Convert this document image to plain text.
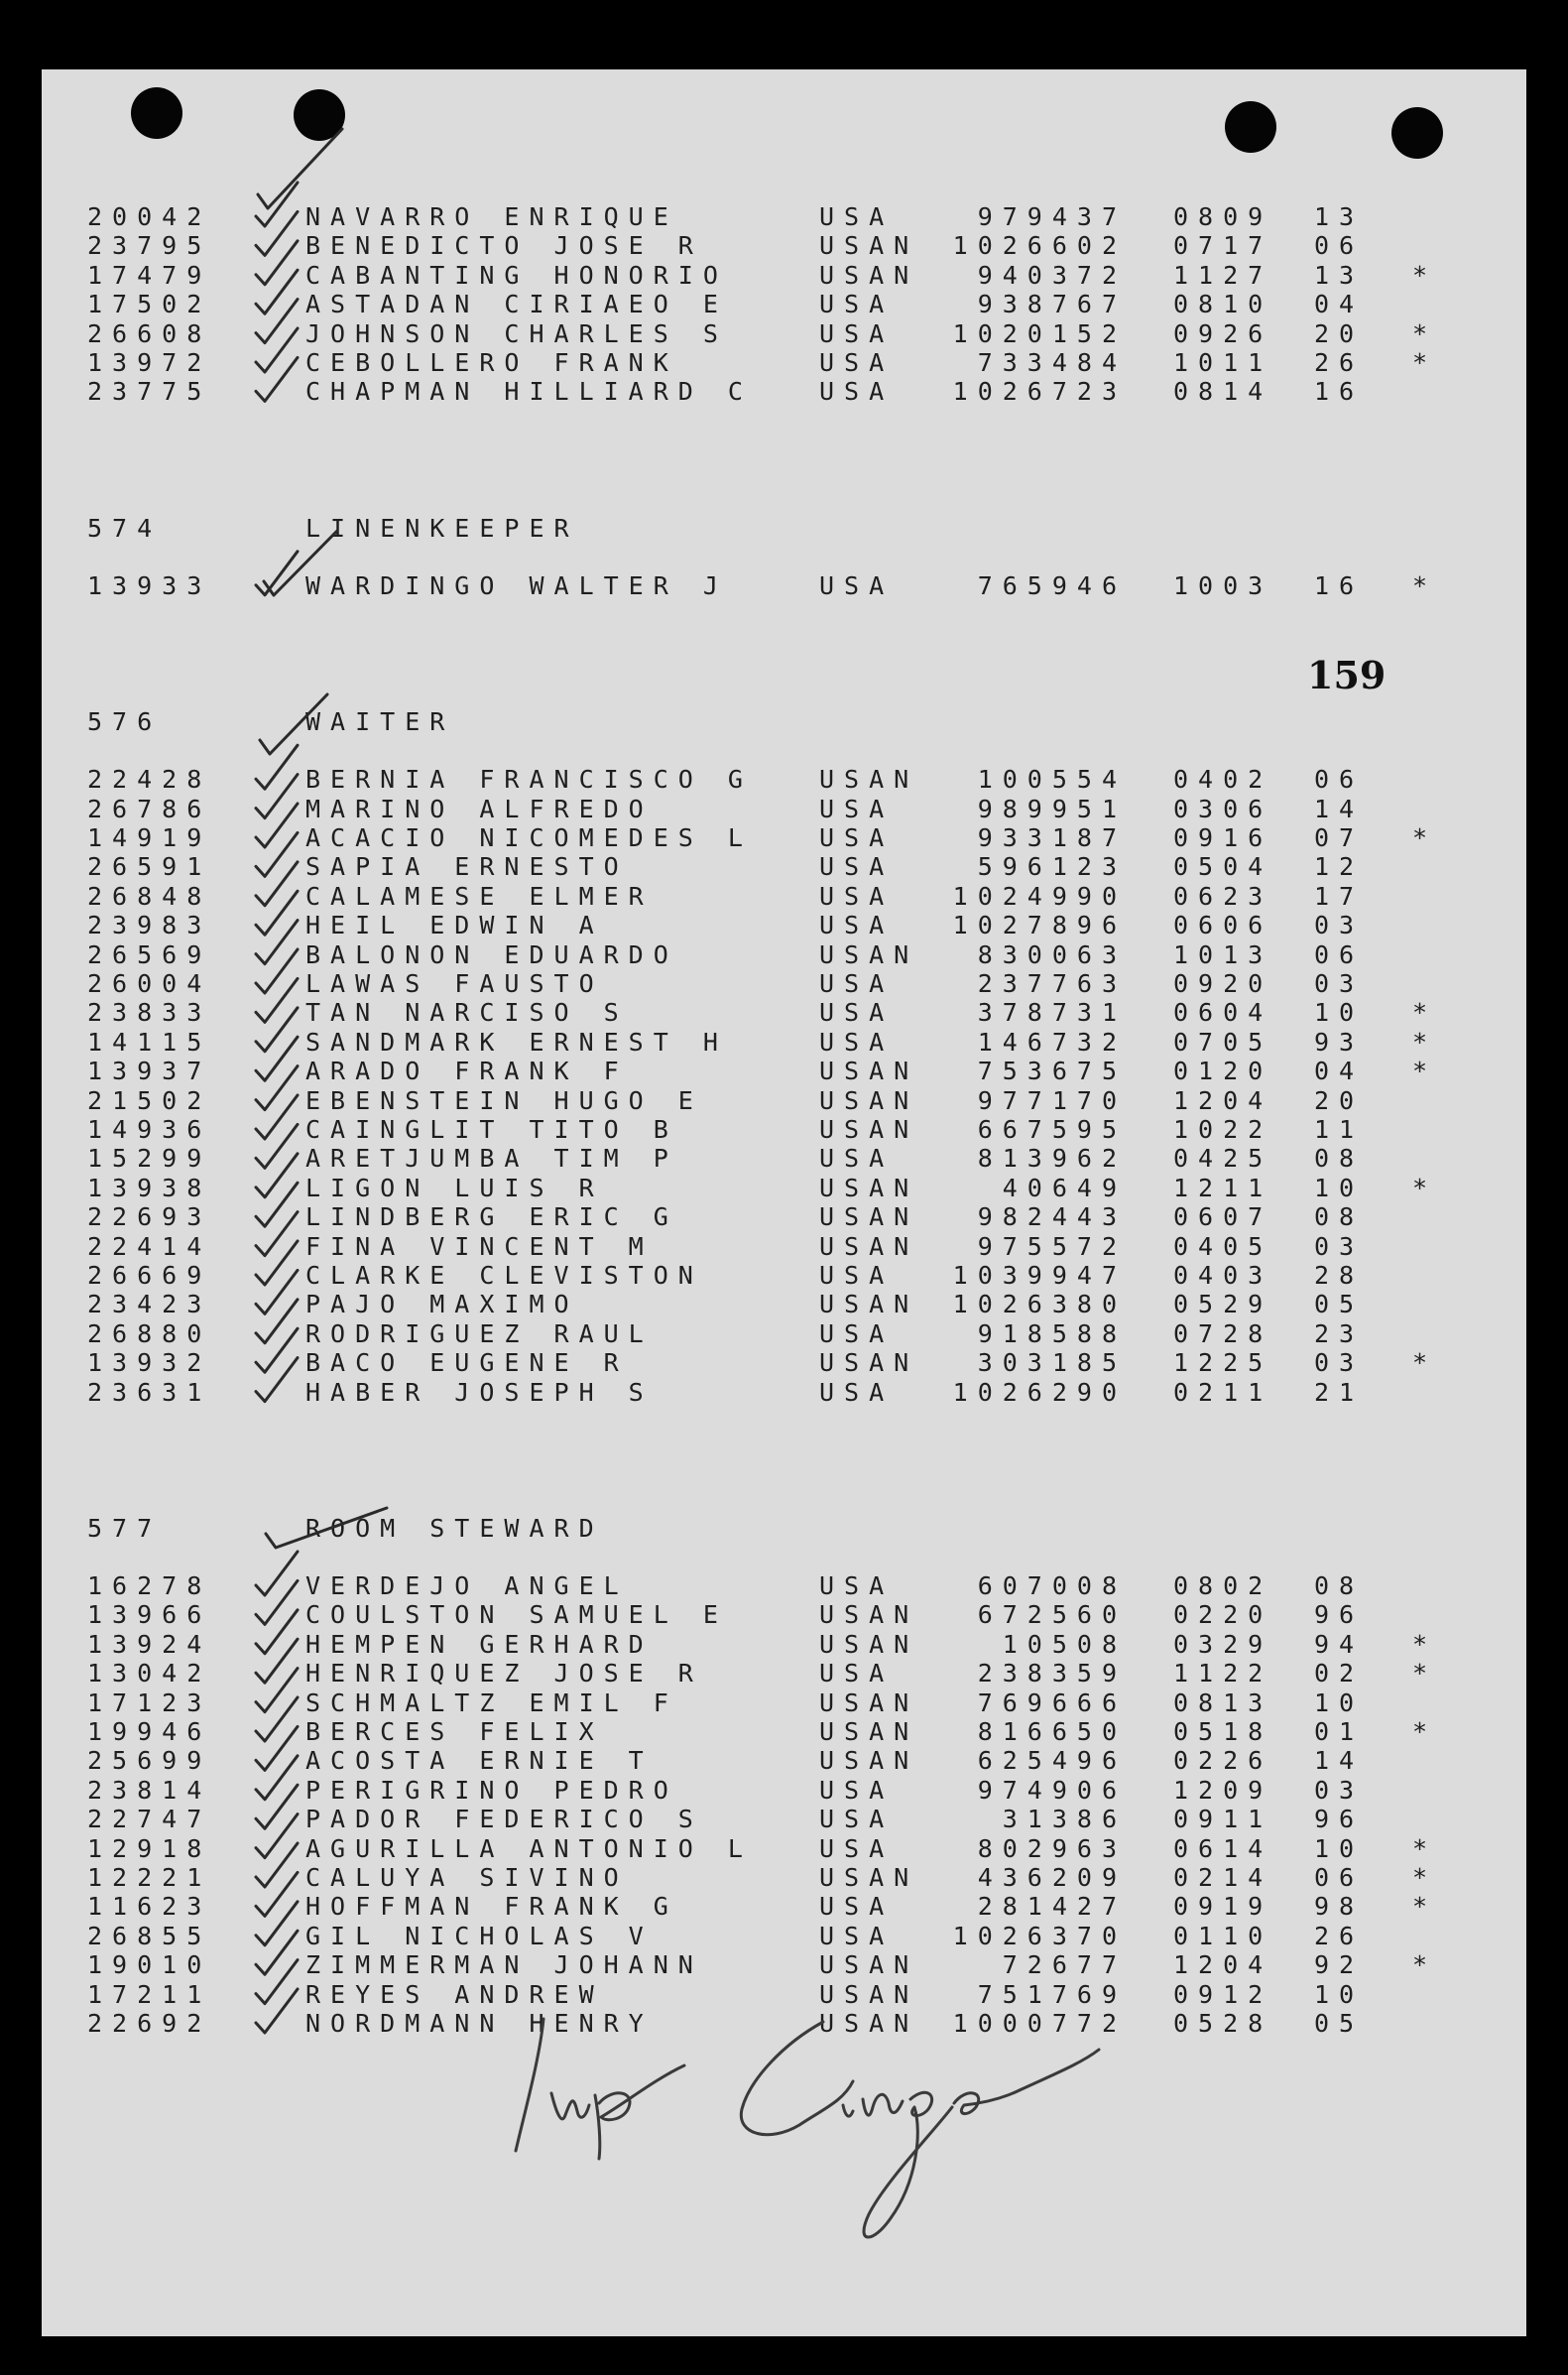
20042	NAVARRO ENRIQUE	USA	979437 0809 13
23795	BENEDICTO JOSE R	USAN	1026602 0717 06
17479	CABANTING HONORIO	USAN	940372 1127 13 *
17502	ASTADAN CIRIAEO E	USA	938767 0810 04
26608	JOHNSON CHARLES S	USA	1020152 0926 20 *
13972	CEBOLLERO FRANK	USA	733484 1011 26 *
23775	CHAPMAN HILLIARD C	USA	1026723 0814 16
574	LINENKEEPER
13933	WARDINGO WALTER J	USA	765946 1003 16 *
576	WAITER
22428	BERNIA FRANCISCO G	USAN	100554 0402 06
26786	MARINO ALFREDO	USA	989951 0306 14
14919	ACACIO NICOMEDES L	USA	933187 0916 07 *
26591	SAPIA ERNESTO	USA	596123 0504 12
26848	CALAMESE ELMER	USA	1024990 0623 17
23983	HEIL EDWIN A	USA	1027896 0606 03
26569	BALONON EDUARDO	USAN	830063 1013 06
26004	LAWAS FAUSTO	USA	237763 0920 03
23833	TAN NARCISO S	USA	378731 0604 10 *
14115	SANDMARK ERNEST H	USA	146732 0705 93 *
13937	ARADO FRANK F	USAN	753675 0120 04 *
21502	EBENSTEIN HUGO E	USAN	977170 1204 20
14936	CAINGLIT TITO B	USAN	667595 1022 11
15299	ARETJUMBA TIM P	USA	813962 0425 08
13938	LIGON LUIS R	USAN	40649 1211 10 *
22693	LINDBERG ERIC G	USAN	982443 0607 08
22414	FINA VINCENT M	USAN	975572 0405 03
26669	CLARKE CLEVISTON	USA	1039947 0403 28
23423	PAJO MAXIMO	USAN	1026380 0529 05
26880	RODRIGUEZ RAUL	USA	918588 0728 23
13932	BACO EUGENE R	USAN	303185 1225 03 *
23631	HABER JOSEPH S	USA	1026290 0211 21
577	ROOM STEWARD
16278	VERDEJO ANGEL	USA	607008 0802 08
13966	COULSTON SAMUEL E	USAN	672560 0220 96
13924	HEMPEN GERHARD	USAN	10508 0329 94 *
13042	HENRIQUEZ JOSE R	USA	238359 1122 02 *
17123	SCHMALTZ EMIL F	USAN	769666 0813 10
19946	BERCES FELIX	USAN	816650 0518 01 *
25699	ACOSTA ERNIE T	USAN	625496 0226 14
23814	PERIGRINO PEDRO	USA	974906 1209 03
22747	PADOR FEDERICO S	USA	31386 0911 96
12918	AGURILLA ANTONIO L	USA	802963 0614 10 *
12221	CALUYA SIVINO	USAN	436209 0214 06 *
11623	HOFFMAN FRANK G	USA	281427 0919 98 *
26855	GIL NICHOLAS V	USA	1026370 0110 26
19010	ZIMMERMAN JOHANN	USAN	72677 1204 92 *
17211	REYES ANDREW	USAN	751769 0912 10
22692	NORDMANN HENRY	USAN	1000772 0528 05
159
